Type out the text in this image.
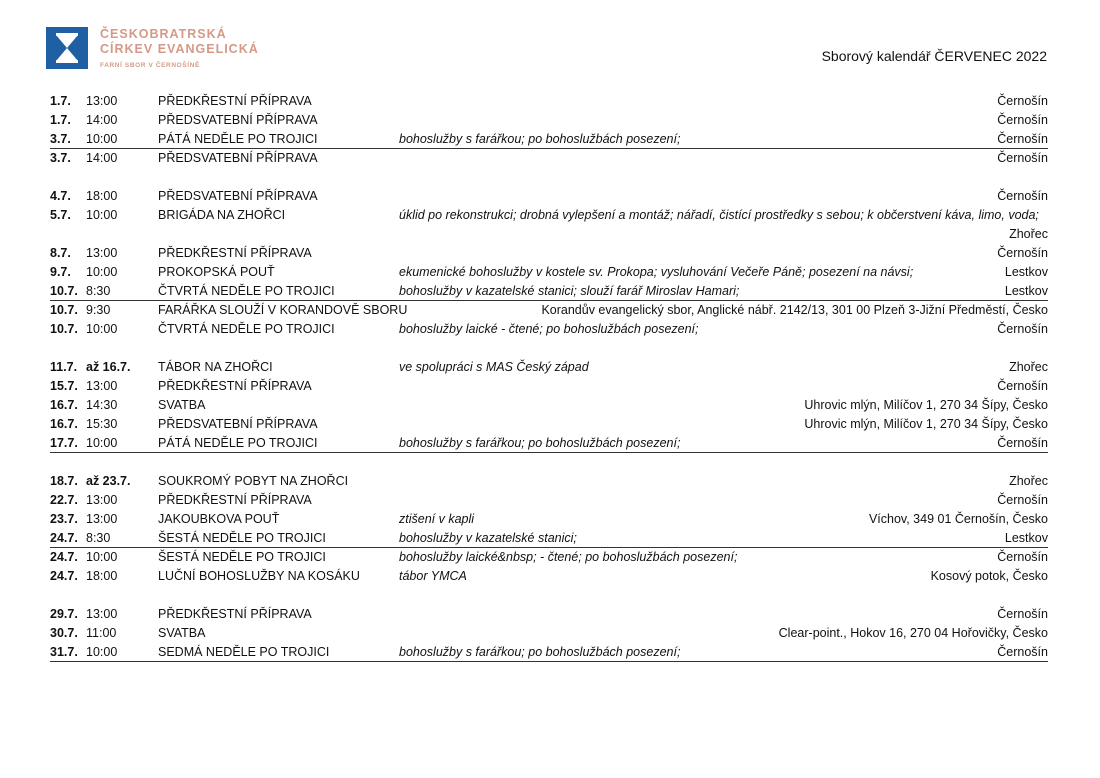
ČESKOBRATRSKÁ
CÍRKEV EVANGELICKÁ
FARNÍ SBOR V ČERNOŠÍNĚ
Sborový kalendář ČERVENEC 2022
1.7. 13:00	PŘEDKŘESTNÍ PŘÍPRAVA	Černošín
1.7. 14:00	PŘEDSVATEBNÍ PŘÍPRAVA	Černošín
3.7. 10:00	PÁTÁ NEDĚLE PO TROJICI	bohoslužby s farářkou; po bohoslužbách posezení;	Černošín
3.7. 14:00	PŘEDSVATEBNÍ PŘÍPRAVA	Černošín
4.7. 18:00	PŘEDSVATEBNÍ PŘÍPRAVA	Černošín
5.7. 10:00	BRIGÁDA NA ZHOŘCI	úklid po rekonstrukci; drobná vylepšení a montáž; nářadí, čistící prostředky s sebou; k občerstvení káva, limo, voda;
Zhořec
8.7. 13:00	PŘEDKŘESTNÍ PŘÍPRAVA	Černošín
9.7. 10:00	PROKOPSKÁ POUŤ	ekumenické bohoslužby v kostele sv. Prokopa; vysluhování Večeře Páně; posezení na návsi;	Lestkov
10.7. 8:30	ČTVRTÁ NEDĚLE PO TROJICI	bohoslužby v kazatelské stanici; slouží farář Miroslav Hamari;	Lestkov
10.7. 9:30	FARÁŘKA SLOUŽÍ V KORANDOVĚ SBORU	Korandův evangelický sbor, Anglické nábř. 2142/13, 301 00 Plzeň 3-Jižní Předměstí, Česko
10.7. 10:00	ČTVRTÁ NEDĚLE PO TROJICI	bohoslužby laické - čtené; po bohoslužbách posezení;	Černošín
11.7. až 16.7. TÁBOR NA ZHOŘCI	ve spolupráci s MAS Český západ	Zhořec
15.7. 13:00	PŘEDKŘESTNÍ PŘÍPRAVA	Černošín
16.7. 14:30	SVATBA	Uhrovic mlýn, Milíčov 1, 270 34 Šípy, Česko
16.7. 15:30	PŘEDSVATEBNÍ PŘÍPRAVA	Uhrovic mlýn, Milíčov 1, 270 34 Šípy, Česko
17.7. 10:00	PÁTÁ NEDĚLE PO TROJICI	bohoslužby s farářkou; po bohoslužbách posezení;	Černošín
18.7. až 23.7. SOUKROMÝ POBYT NA ZHOŘCI	Zhořec
22.7. 13:00	PŘEDKŘESTNÍ PŘÍPRAVA	Černošín
23.7. 13:00	JAKOUBKOVA POUŤ	ztišení v kapli	Víchov, 349 01 Černošín, Česko
24.7. 8:30	ŠESTÁ NEDĚLE PO TROJICI	bohoslužby v kazatelské stanici;	Lestkov
24.7. 10:00	ŠESTÁ NEDĚLE PO TROJICI	bohoslužby laické&nbsp; - čtené; po bohoslužbách posezení;	Černošín
24.7. 18:00	LUČNÍ BOHOSLUŽBY NA KOSÁKU	tábor YMCA	Kosový potok, Česko
29.7. 13:00	PŘEDKŘESTNÍ PŘÍPRAVA	Černošín
30.7. 11:00	SVATBA	Clear-point., Hokov 16, 270 04 Hořovičky, Česko
31.7. 10:00	SEDMÁ NEDĚLE PO TROJICI	bohoslužby s farářkou; po bohoslužbách posezení;	Černošín
